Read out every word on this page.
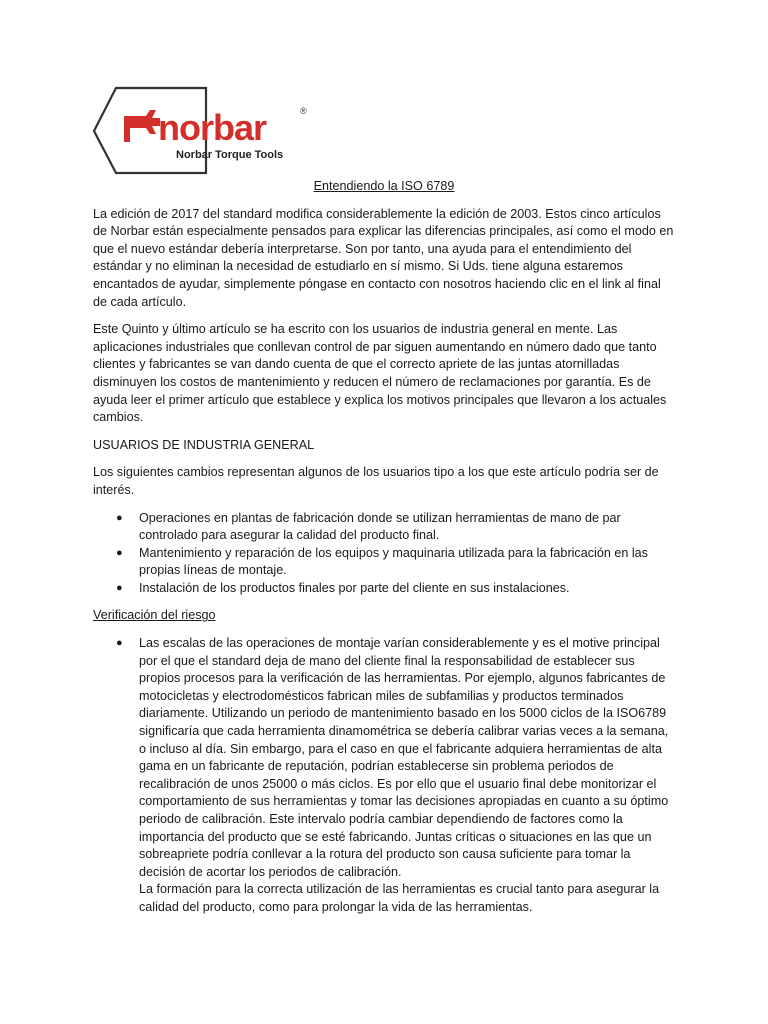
norbar	®
Norbar Torque Tools
Entendiendo la ISO 6789

La edición de 2017 del standard modifica considerablemente la edición de 2003. Estos cinco artículos de Norbar están especialmente pensados para explicar las diferencias principales, así como el modo en que el nuevo estándar debería interpretarse. Son por tanto, una ayuda para el entendimiento del estándar y no eliminan la necesidad de estudiarlo en sí mismo. Si Uds. tiene alguna estaremos encantados de ayudar, simplemente póngase en contacto con nosotros haciendo clic en el link al final de cada artículo.

Este Quinto y último artículo se ha escrito con los usuarios de industria general en mente. Las aplicaciones industriales que conllevan control de par siguen aumentando en número dado que tanto clientes y fabricantes se van dando cuenta de que el correcto apriete de las juntas atornilladas disminuyen los costos de mantenimiento y reducen el número de reclamaciones por garantía. Es de ayuda leer el primer artículo que establece y explica los motivos principales que llevaron a los actuales cambios.

USUARIOS DE INDUSTRIA GENERAL

Los siguientes cambios representan algunos de los usuarios tipo a los que este artículo podría ser de interés.

● Operaciones en plantas de fabricación donde se utilizan herramientas de mano de par controlado para asegurar la calidad del producto final.
● Mantenimiento y reparación de los equipos y maquinaria utilizada para la fabricación en las propias líneas de montaje.
● Instalación de los productos finales por parte del cliente en sus instalaciones.
Verificación del riesgo
● Las escalas de las operaciones de montaje varían considerablemente y es el motive principal por el que el standard deja de mano del cliente final la responsabilidad de establecer sus propios procesos para la verificación de las herramientas. Por ejemplo, algunos fabricantes de motocicletas y electrodomésticos fabrican miles de subfamilias y productos terminados diariamente. Utilizando un periodo de mantenimiento basado en los 5000 ciclos de la ISO6789 significaría que cada herramienta dinamométrica se debería calibrar varias veces a la semana, o incluso al día. Sin embargo, para el caso en que el fabricante adquiera herramientas de alta gama en un fabricante de reputación, podrían establecerse sin problema periodos de recalibración de unos 25000 o más ciclos. Es por ello que el usuario final debe monitorizar el comportamiento de sus herramientas y tomar las decisiones apropiadas en cuanto a su óptimo periodo de calibración. Este intervalo podría cambiar dependiendo de factores como la importancia del producto que se esté fabricando. Juntas críticas o situaciones en las que un sobreapriete podría conllevar a la rotura del producto son causa suficiente para tomar la decisión de acortar los periodos de calibración.
La formación para la correcta utilización de las herramientas es crucial tanto para asegurar la calidad del producto, como para prolongar la vida de las herramientas.
